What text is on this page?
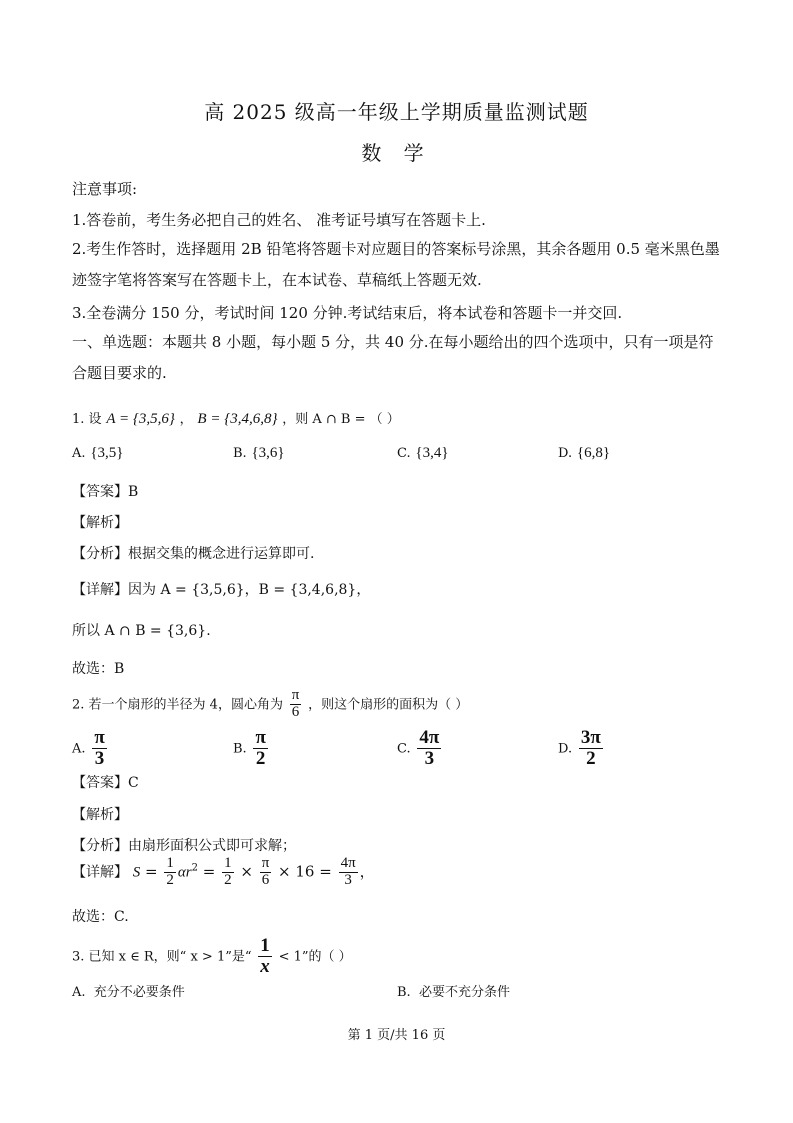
高 2025 级高一年级上学期质量监测试题
数 学
注意事项:
1.答卷前，考生务必把自己的姓名、 准考证号填写在答题卡上.
2.考生作答时，选择题用 2B 铅笔将答题卡对应题目的答案标号涂黑，其余各题用 0.5 毫米黑色墨迹签字笔将答案写在答题卡上，在本试卷、草稿纸上答题无效.
3.全卷满分 150 分，考试时间 120 分钟.考试结束后，将本试卷和答题卡一并交回.
一、单选题：本题共 8 小题，每小题 5 分，共 40 分.在每小题给出的四个选项中，只有一项是符合题目要求的.
1. 设 A = {3,5,6} ， B = {3,4,6,8} ，则 A ∩ B = （ ）
A. {3,5}	B. {3,6}	C. {3,4}	D. {6,8}
【答案】B
【解析】
【分析】根据交集的概念进行运算即可.
【详解】因为 A = {3,5,6}，B = {3,4,6,8}，
所以 A ∩ B = {3,6}.
故选：B
2. 若一个扇形的半径为 4，圆心角为 $\frac{\pi}{6}$ ，则这个扇形的面积为（ ）
A. $\frac{\pi}{3}$	B. $\frac{\pi}{2}$	C. $\frac{4\pi}{3}$	D. $\frac{3\pi}{2}$
【答案】C
【解析】
【分析】由扇形面积公式即可求解；
【详解】 $S = \frac{1}{2} \alpha r^2 = \frac{1}{2} \times \frac{\pi}{6} \times 16 = \frac{4\pi}{3}$ ，
故选：C.
3. 已知 x ∈ R，则“ x > 1”是“ $\frac{1}{x} < 1$”的（ ）
A. 充分不必要条件	B. 必要不充分条件
第 1 页/共 16 页
